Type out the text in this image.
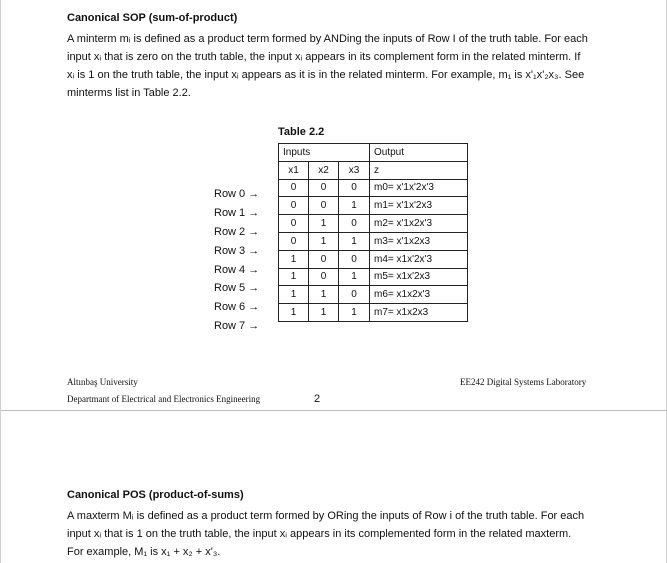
Canonical SOP (sum-of-product)
A minterm mᵢ is defined as a product term formed by ANDing the inputs of Row I of the truth table. For each
input xᵢ that is zero on the truth table, the input xᵢ appears in its complement form in the related minterm. If
xᵢ is 1 on the truth table, the input xᵢ appears as it is in the related minterm. For example, m₁ is x'₁x'₂x₃. See
minterms list in Table 2.2.
Table 2.2
Inputs			Output
x1	x2	x3	z
0	0	0	m0= x'1x'2x'3
0	0	1	m1= x'1x'2x3
0	1	0	m2= x'1x2x'3
0	1	1	m3= x'1x2x3
1	0	0	m4= x1x'2x'3
1	0	1	m5= x1x'2x3
1	1	0	m6= x1x2x'3
1	1	1	m7= x1x2x3
Row 0 →
Row 1 →
Row 2 →
Row 3 →
Row 4 →
Row 5 →
Row 6 →
Row 7 →
Altınbaş University
Departmant of Electrical and Electronics Engineering
EE242 Digital Systems Laboratory
2
Canonical POS (product-of-sums)
A maxterm Mᵢ is defined as a product term formed by ORing the inputs of Row i of the truth table. For each
input xᵢ that is 1 on the truth table, the input xᵢ appears in its complemented form in the related maxterm.
For example, M₁ is x₁ + x₂ + x'₃.
